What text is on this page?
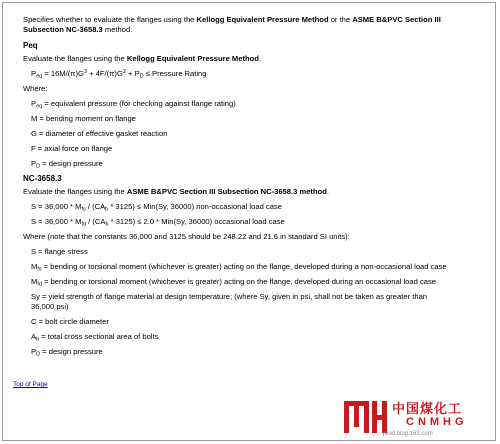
Specifies whether to evaluate the flanges using the Kellogg Equivalent Pressure Method or the ASME B&PVC Section III
Subsection NC-3658.3 method.

Peq

Evaluate the flanges using the Kellogg Equivalent Pressure Method.

$P_{eq} = 16M/(\pi)G^3 + 4F/(\pi)G^2 + P_D$ ≤ Pressure Rating

Where:

$P_{eq}$ = equivalent pressure (for checking against flange rating)

M = bending moment on flange

G = diameter of effective gasket reaction

F = axial force on flange

$P_D$ = design pressure

NC-3658.3

Evaluate the flanges using the ASME B&PVC Section III Subsection NC-3658.3 method.

$S = 36,000 * M_{fs} / (CA_b * 3125) \le Min(Sy$, 36000) non-occasional load case

$S = 36,000 * M_{fd} / (CA_b * 3125) \le 2.0 * Min(Sy$, 36000) occasional load case

Where (note that the constants 36,000 and 3125 should be 248.22 and 21.6 in standard SI units):

S = flange stress

$M_{fs}$ = bending or torsional moment (whichever is greater) acting on the flange, developed during a non-occasional load case

$M_{fd}$ = bending or torsional moment (whichever is greater) acting on the flange, developed during an occasional load case

Sy = yield strength of flange material at design temperature; (where Sy, given in psi, shall not be taken as greater than
36,000 psi)

C = bolt circle diameter

$A_b$ = total cross sectional area of bolts

$P_D$ = design pressure

Top of Page
中国煤化工
CNMHG
yeud.blog.163.com
